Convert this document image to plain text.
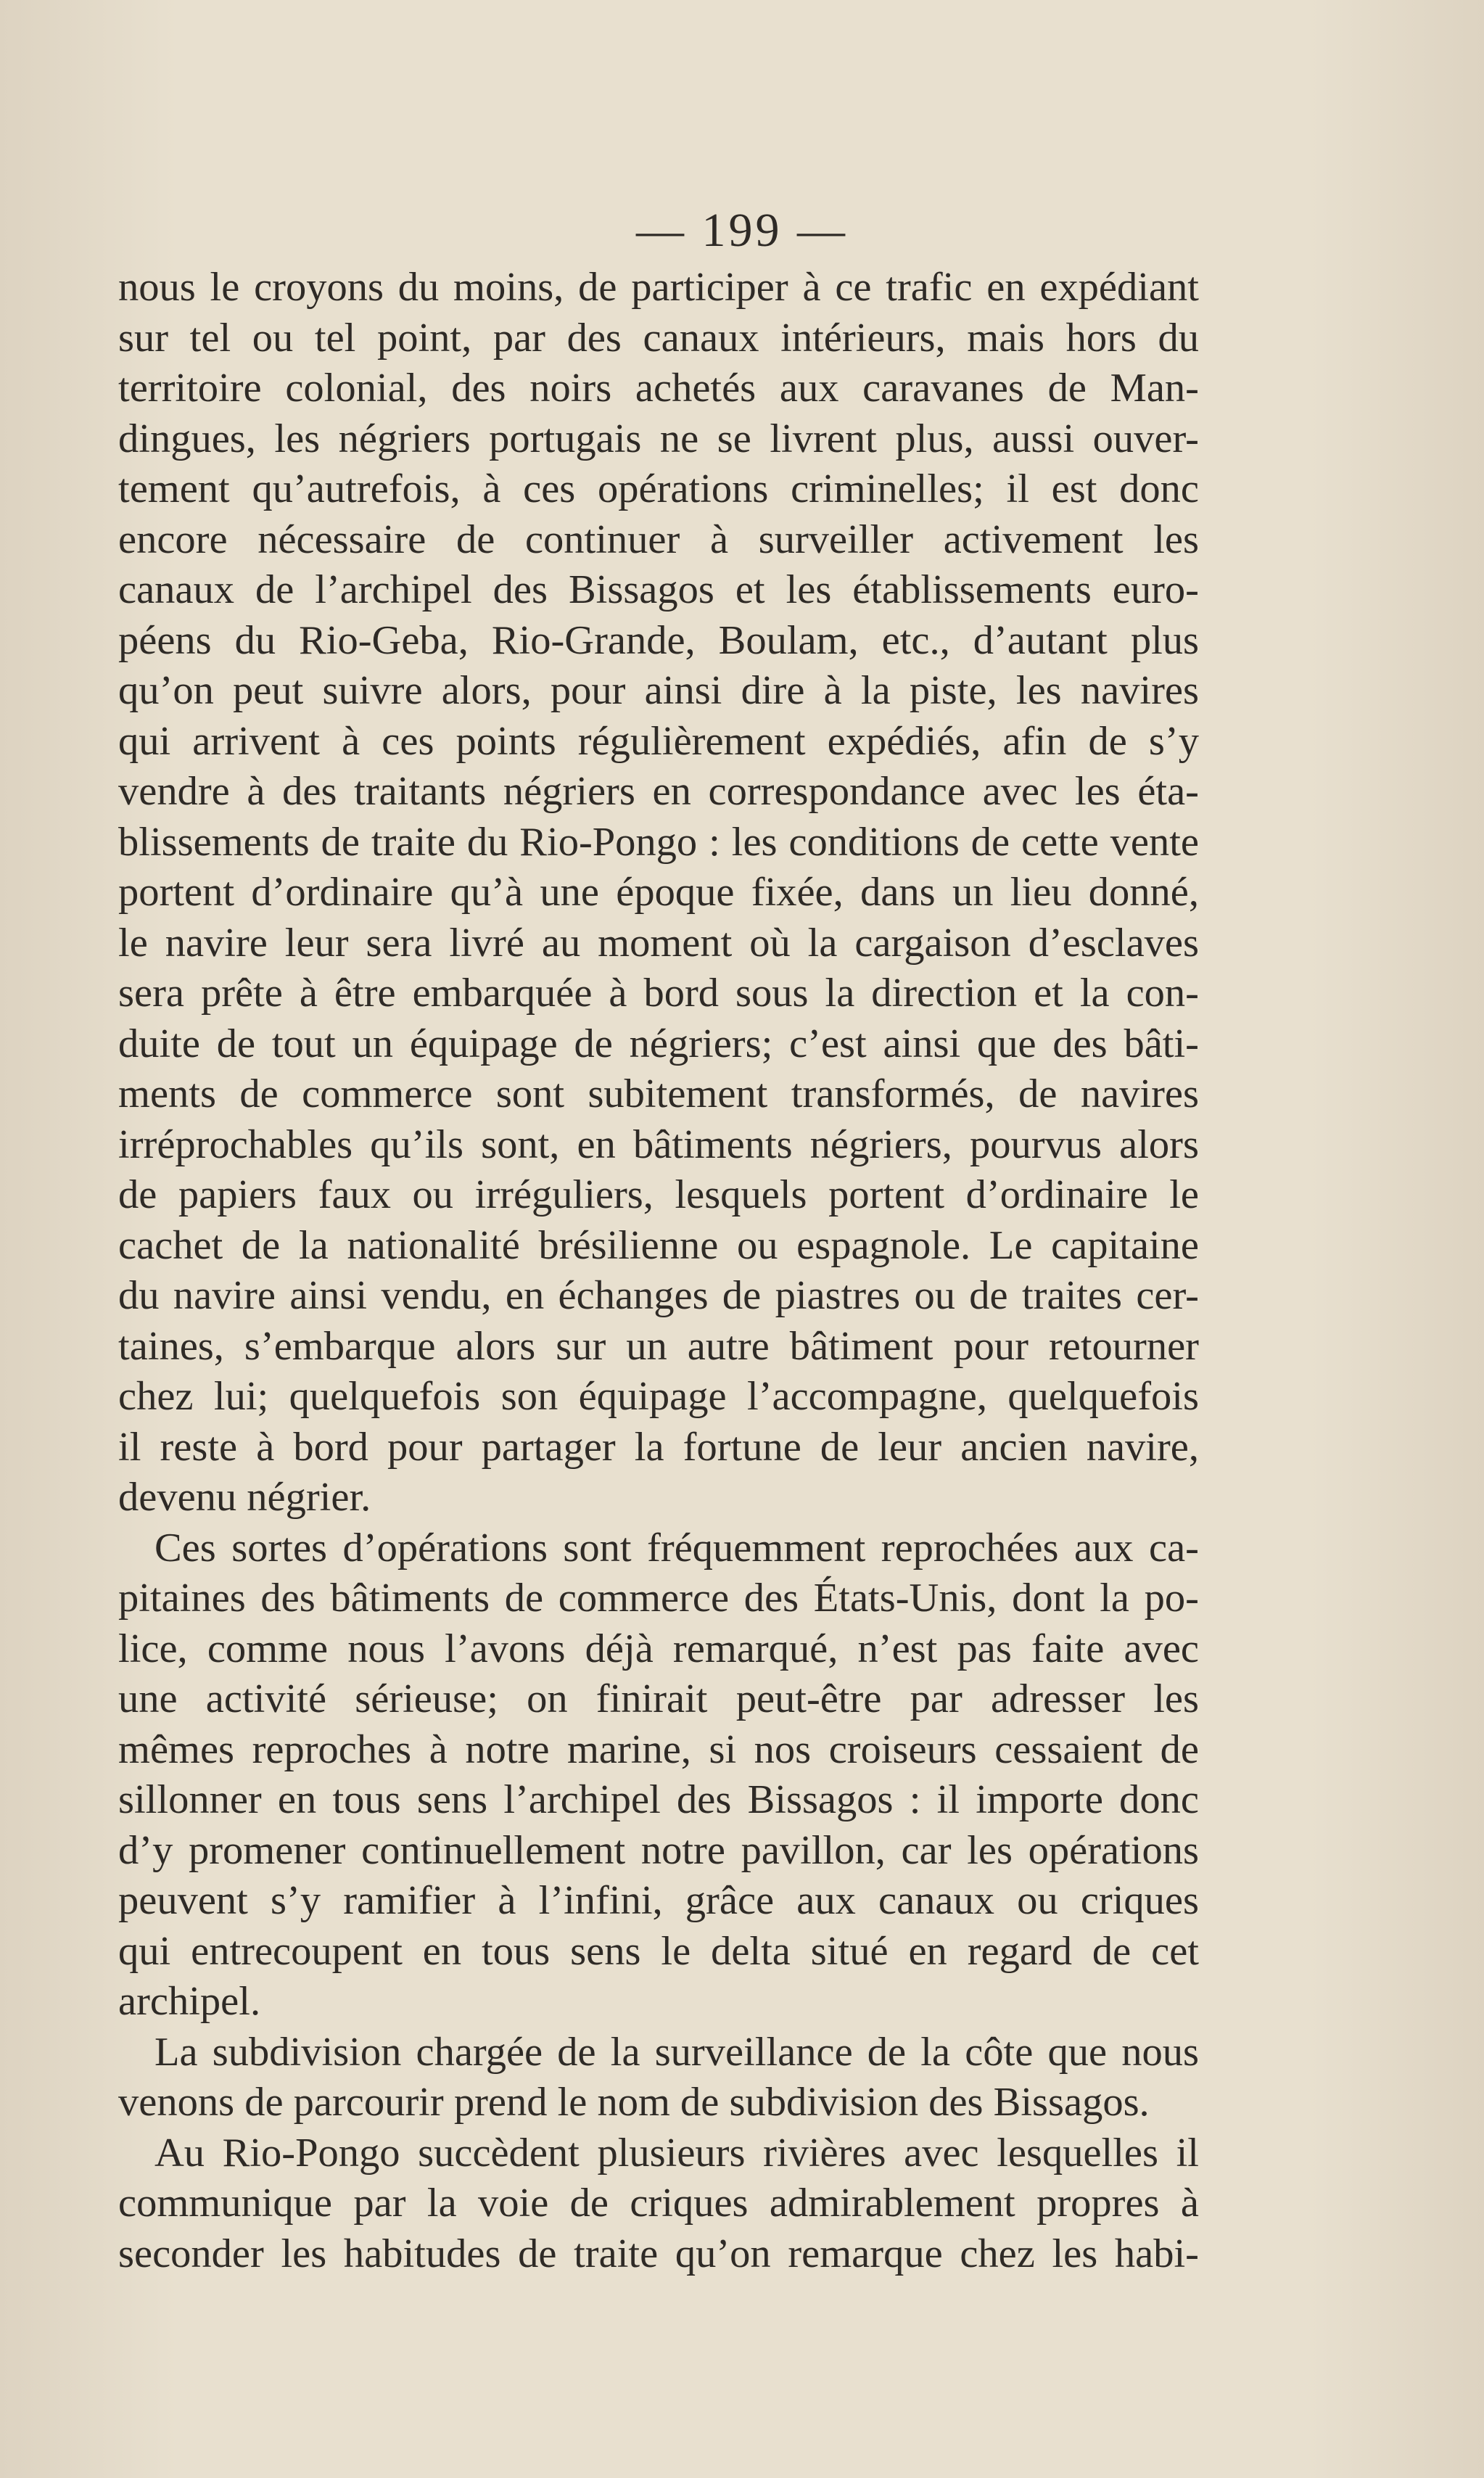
— 199 —
nous le croyons du moins, de participer à ce trafic en expédiant
sur tel ou tel point, par des canaux intérieurs, mais hors du
territoire colonial, des noirs achetés aux caravanes de Man-
dingues, les négriers portugais ne se livrent plus, aussi ouver-
tement qu’autrefois, à ces opérations criminelles; il est donc
encore nécessaire de continuer à surveiller activement les
canaux de l’archipel des Bissagos et les établissements euro-
péens du Rio-Geba, Rio-Grande, Boulam, etc., d’autant plus
qu’on peut suivre alors, pour ainsi dire à la piste, les navires
qui arrivent à ces points régulièrement expédiés, afin de s’y
vendre à des traitants négriers en correspondance avec les éta-
blissements de traite du Rio-Pongo : les conditions de cette vente
portent d’ordinaire qu’à une époque fixée, dans un lieu donné,
le navire leur sera livré au moment où la cargaison d’esclaves
sera prête à être embarquée à bord sous la direction et la con-
duite de tout un équipage de négriers; c’est ainsi que des bâti-
ments de commerce sont subitement transformés, de navires
irréprochables qu’ils sont, en bâtiments négriers, pourvus alors
de papiers faux ou irréguliers, lesquels portent d’ordinaire le
cachet de la nationalité brésilienne ou espagnole. Le capitaine
du navire ainsi vendu, en échanges de piastres ou de traites cer-
taines, s’embarque alors sur un autre bâtiment pour retourner
chez lui; quelquefois son équipage l’accompagne, quelquefois
il reste à bord pour partager la fortune de leur ancien navire,
devenu négrier.
Ces sortes d’opérations sont fréquemment reprochées aux ca-
pitaines des bâtiments de commerce des États-Unis, dont la po-
lice, comme nous l’avons déjà remarqué, n’est pas faite avec
une activité sérieuse; on finirait peut-être par adresser les
mêmes reproches à notre marine, si nos croiseurs cessaient de
sillonner en tous sens l’archipel des Bissagos : il importe donc
d’y promener continuellement notre pavillon, car les opérations
peuvent s’y ramifier à l’infini, grâce aux canaux ou criques
qui entrecoupent en tous sens le delta situé en regard de cet
archipel.
La subdivision chargée de la surveillance de la côte que nous
venons de parcourir prend le nom de subdivision des Bissagos.
Au Rio-Pongo succèdent plusieurs rivières avec lesquelles il
communique par la voie de criques admirablement propres à
seconder les habitudes de traite qu’on remarque chez les habi-
